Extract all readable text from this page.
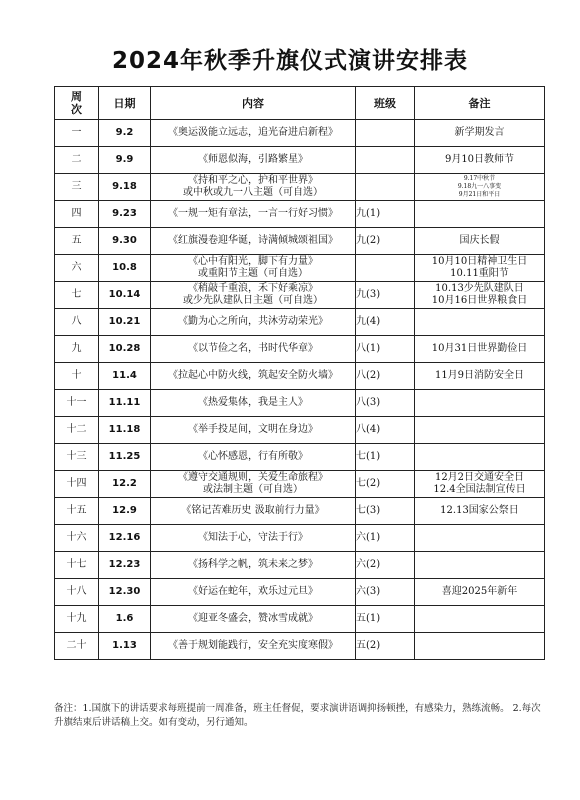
2024年秋季升旗仪式演讲安排表
周次	日期	内容	班级	备注
一	9.2	《奥运汲能立远志，追光奋进启新程》		新学期发言

二	9.9	《师恩似海，引路繁星》		9月10日教师节

三	9.18	《持和平之心，护和平世界》
或中秋或九一八主题（可自选）		9.17中秋节
9.18九一八事变
9月21日和平日

四	9.23	《一规一矩有章法，一言一行好习惯》	九(1)	
五	9.30	《红旗漫卷迎华诞，诗满倾城颂祖国》	九(2)	国庆长假

六	10.8	《心中有阳光，脚下有力量》
或重阳节主题（可自选）		10月10日精神卫生日
10.11重阳节

七	10.14	《稍敲千重浪，禾下好乘凉》
或少先队建队日主题（可自选）	九(3)	10.13少先队建队日
10月16日世界粮食日

八	10.21	《勤为心之所向，共沐劳动荣光》	九(4)	
九	10.28	《以节俭之名，书时代华章》	八(1)	10月31日世界勤俭日

十	11.4	《拉起心中防火线，筑起安全防火墙》	八(2)	11月9日消防安全日

十一	11.11	《热爱集体，我是主人》	八(3)	
十二	11.18	《举手投足间，文明在身边》	八(4)	
十三	11.25	《心怀感恩，行有所敬》	七(1)	
十四	12.2	《遵守交通规则，关爱生命旅程》
或法制主题（可自选）	七(2)	12月2日交通安全日
12.4全国法制宣传日

十五	12.9	《铭记苦难历史 汲取前行力量》	七(3)	12.13国家公祭日

十六	12.16	《知法于心，守法于行》	六(1)	
十七	12.23	《扬科学之帆，筑未来之梦》	六(2)	
十八	12.30	《好运在蛇年，欢乐过元旦》	六(3)	喜迎2025年新年

十九	1.6	《迎亚冬盛会，赞冰雪成就》	五(1)	
二十	1.13	《善于规划能践行，安全充实度寒假》	五(2)	
备注：1.国旗下的讲话要求每班提前一周准备，班主任督促，要求演讲语调抑扬顿挫，有感染力，熟练流畅。 2.每次升旗结束后讲话稿上交。如有变动，另行通知。
